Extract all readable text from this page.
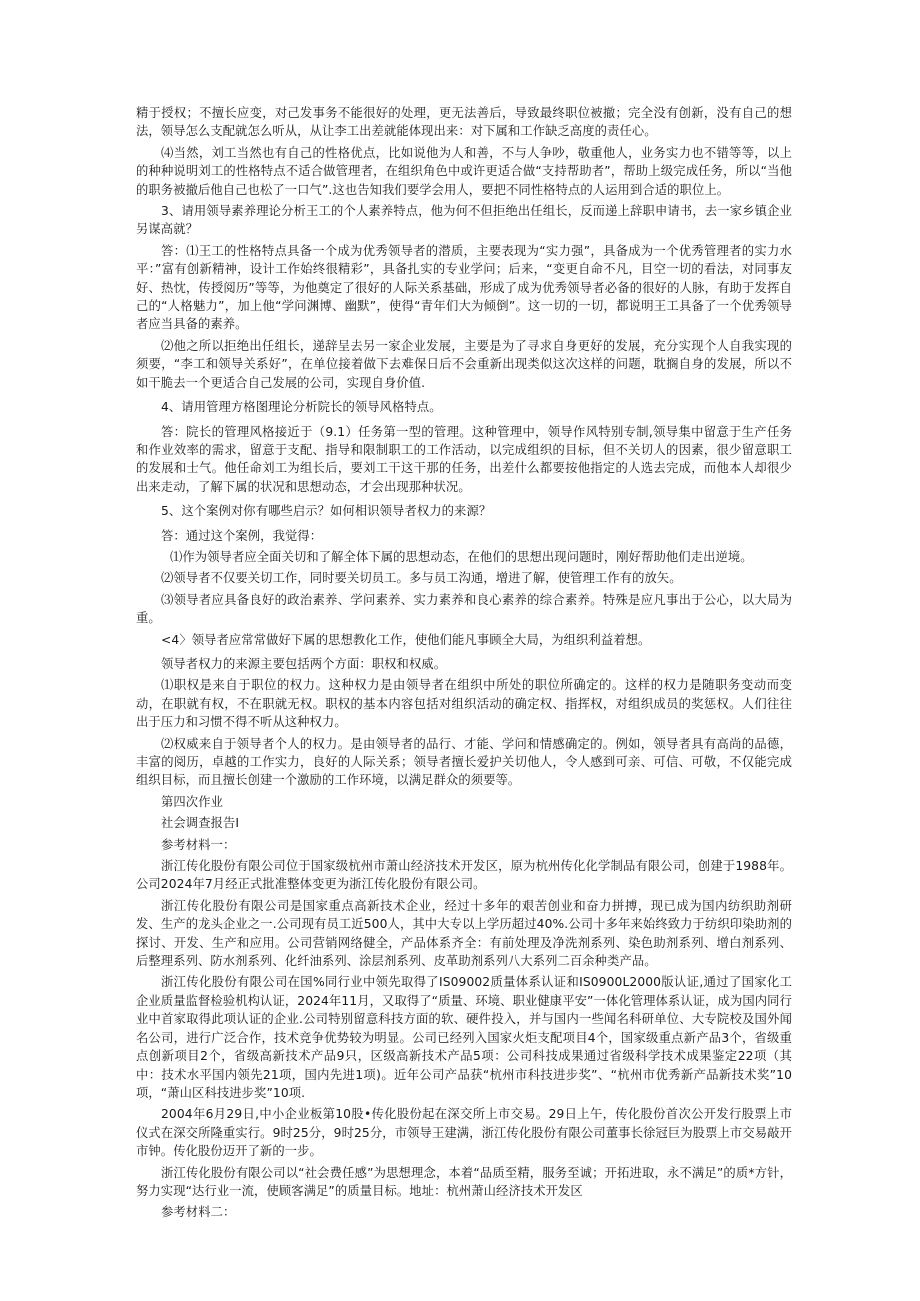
精于授权；不擅长应变，对己发事务不能很好的处理，更无法善后，导致最终职位被撤；完全没有创新，没有自己的想法，领导怎么支配就怎么听从，从让李工出差就能体现出来：对下属和工作缺乏高度的责任心。

⑷当然，刘工当然也有自己的性格优点，比如说他为人和善，不与人争吵，敬重他人，业务实力也不错等等，以上的种种说明刘工的性格特点不适合做管理者，在组织角色中或许更适合做“支持帮助者”，帮助上级完成任务，所以“当他的职务被撤后他自己也松了一口气”.这也告知我们要学会用人，要把不同性格特点的人运用到合适的职位上。

3、请用领导素养理论分析王工的个人素养特点，他为何不但拒绝出任组长，反而递上辞职申请书，去一家乡镇企业另谋高就？

答：⑴王工的性格特点具备一个成为优秀领导者的潜质，主要表现为“实力强”，具备成为一个优秀管理者的实力水平：”富有创新精神，设计工作始终很精彩”，具备扎实的专业学问；后来，“变更自命不凡，目空一切的看法，对同事友好、热忱，传授阅历”等等，为他奠定了很好的人际关系基础，形成了成为优秀领导者必备的很好的人脉，有助于发挥自己的“人格魅力”，加上他“学问渊博、幽默”，使得“青年们大为倾倒”。这一切的一切，都说明王工具备了一个优秀领导者应当具备的素养。

⑵他之所以拒绝出任组长，递辞呈去另一家企业发展，主要是为了寻求自身更好的发展，充分实现个人自我实现的须要，“李工和领导关系好”，在单位接着做下去难保日后不会重新出现类似这次这样的问题，耽搁自身的发展，所以不如干脆去一个更适合自己发展的公司，实现自身价值.

4、请用管理方格图理论分析院长的领导风格特点。

答：院长的管理风格接近于（9.1）任务第一型的管理。这种管理中，领导作风特别专制,领导集中留意于生产任务和作业效率的需求，留意于支配、指导和限制职工的工作活动，以完成组织的目标，但不关切人的因素，很少留意职工的发展和士气。他任命刘工为组长后，要刘工干这干那的任务，出差什么都要按他指定的人选去完成，而他本人却很少出来走动，了解下属的状况和思想动态，才会出现那种状况。

5、这个案例对你有哪些启示？如何相识领导者权力的来源？

答：通过这个案例，我觉得：

⑴作为领导者应全面关切和了解全体下属的思想动态，在他们的思想出现问题时，刚好帮助他们走出逆境。

⑵领导者不仅要关切工作，同时要关切员工。多与员工沟通，增进了解，使管理工作有的放矢。

⑶领导者应具备良好的政治素养、学问素养、实力素养和良心素养的综合素养。特殊是应凡事出于公心，以大局为重。

<4〉领导者应常常做好下属的思想教化工作，使他们能凡事顾全大局，为组织利益着想。

领导者权力的来源主要包括两个方面：职权和权威。

⑴职权是来自于职位的权力。这种权力是由领导者在组织中所处的职位所确定的。这样的权力是随职务变动而变动，在职就有权，不在职就无权。职权的基本内容包括对组织活动的确定权、指挥权，对组织成员的奖惩权。人们往往出于压力和习惯不得不听从这种权力。

⑵权威来自于领导者个人的权力。是由领导者的品行、才能、学问和情感确定的。例如，领导者具有高尚的品德，丰富的阅历，卓越的工作实力，良好的人际关系；领导者擅长爱护关切他人，令人感到可亲、可信、可敬，不仅能完成组织目标，而且擅长创建一个激励的工作环境，以满足群众的须要等。

第四次作业

社会调查报告Ⅰ

参考材料一：

浙江传化股份有限公司位于国家级杭州市萧山经济技术开发区，原为杭州传化化学制品有限公司，创建于1988年。公司2024年7月经正式批准整体变更为浙江传化股份有限公司。

浙江传化股份有限公司是国家重点高新技术企业，经过十多年的艰苦创业和奋力拼搏，现已成为国内纺织助剂研发、生产的龙头企业之一.公司现有员工近500人，其中大专以上学历超过40%.公司十多年来始终致力于纺织印染助剂的探讨、开发、生产和应用。公司营销网络健全，产品体系齐全：有前处理及净洗剂系列、染色助剂系列、增白剂系列、后整理系列、防水剂系列、化纤油系列、涂层剂系列、皮革助剂系列八大系列二百余种类产品。

浙江传化股份有限公司在国%同行业中领先取得了IS09002质量体系认证和IS0900L2000版认证,通过了国家化工企业质量监督检验机构认证，2024年11月，又取得了“质量、环境、职业健康平安”一体化管理体系认证，成为国内同行业中首家取得此项认证的企业.公司特别留意科技方面的软、硬件投入，并与国内一些闻名科研单位、大专院校及国外闻名公司，进行广泛合作，技术竞争优势较为明显。公司已经列入国家火炬支配项目4个，国家级重点新产品3个，省级重点创新项目2个，省级高新技术产品9只，区级高新技术产品5项：公司科技成果通过省级科学技术成果鉴定22项（其中：技术水平国内领先21项，国内先进1项)。近年公司产品获“杭州市科技进步奖”、“杭州市优秀新产品新技术奖”10项，“萧山区科技进步奖”10项.

2004年6月29日,中小企业板第10股•传化股份起在深交所上市交易。29日上午，传化股份首次公开发行股票上市仪式在深交所隆重实行。9时25分，9时25分，市领导王建满，浙江传化股份有限公司董事长徐冠巨为股票上市交易敲开市钟。传化股份迈开了新的一步。

浙江传化股份有限公司以“社会费任感”为思想理念，本着“品质至精，服务至诚；开拓进取，永不满足”的质*方针，努力实现“达行业一流，使顾客满足”的质量目标。地址：杭州萧山经济技术开发区

参考材料二：
